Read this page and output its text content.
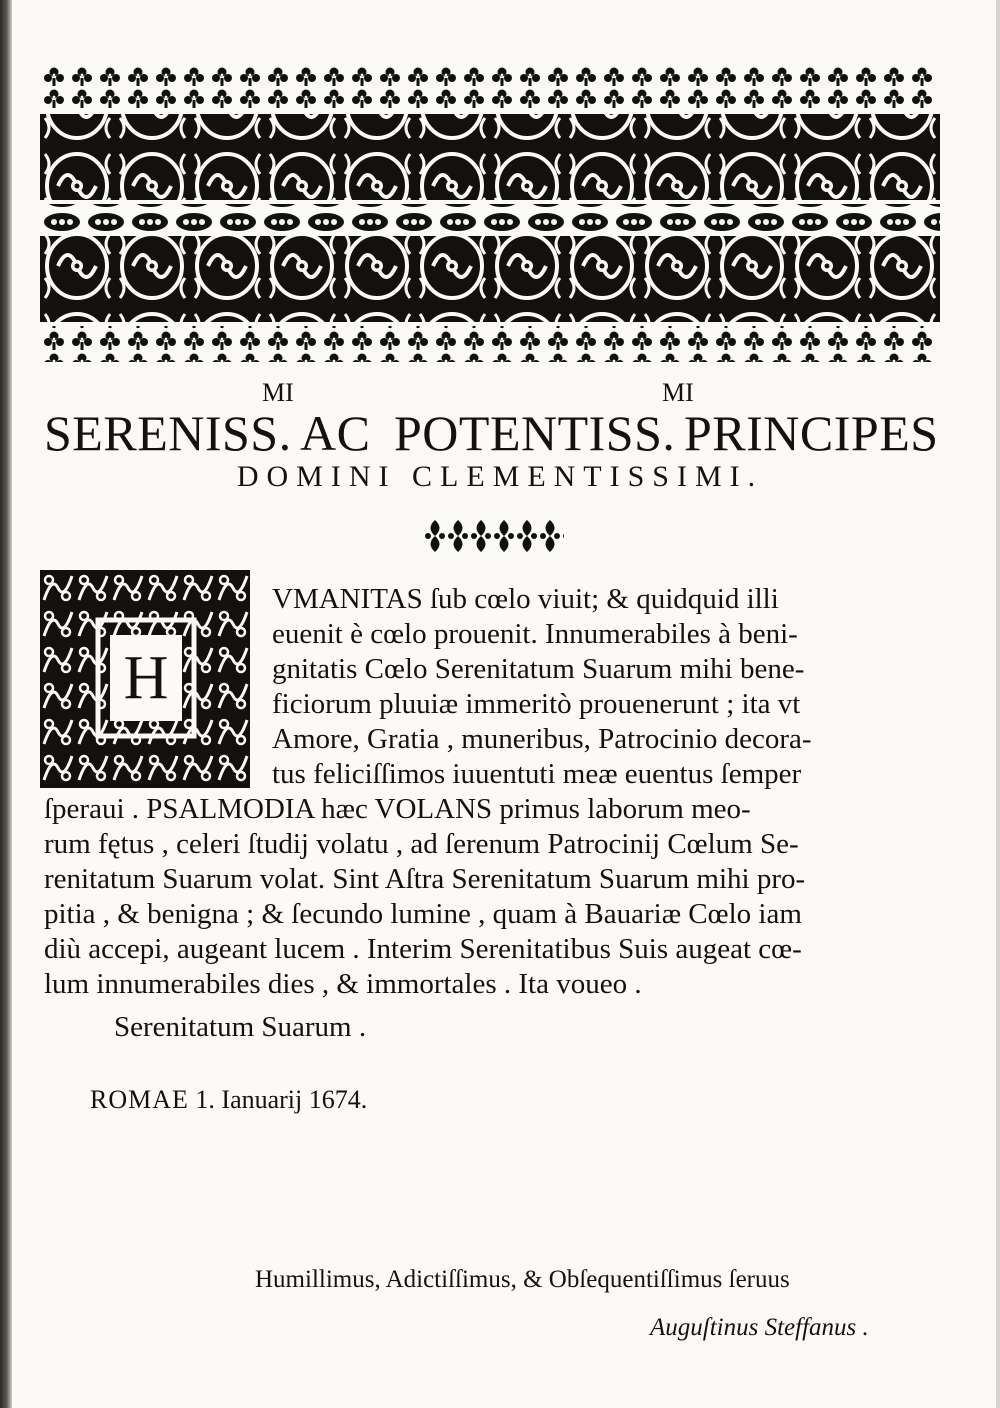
SERENISS.
MI
AC POTENTISS.
MI
PRINCIPES
DOMINI CLEMENTISSIMI.
H
VMANITAS ſub cœlo viuit; & quidquid illi
euenit è cœlo prouenit. Innumerabiles à beni-
gnitatis Cœlo Serenitatum Suarum mihi bene-
ficiorum pluuiæ immeritò prouenerunt ; ita vt
Amore, Gratia , muneribus, Patrocinio decora-
tus feliciſſimos iuuentuti meæ euentus ſemper
ſperaui . PSALMODIA hæc VOLANS primus laborum meo-
rum fętus , celeri ſtudij volatu , ad ſerenum Patrocinij Cœlum Se-
renitatum Suarum volat. Sint Aſtra Serenitatum Suarum mihi pro-
pitia , & benigna ; & ſecundo lumine , quam à Bauariæ Cœlo iam
diù accepi, augeant lucem . Interim Serenitatibus Suis augeat cœ-
lum innumerabiles dies , & immortales . Ita voueo .
Serenitatum Suarum .
ROMAE 1. Ianuarij 1674.
Humillimus, Adictiſſimus, & Obſequentiſſimus ſeruus
Auguſtinus Steffanus .
